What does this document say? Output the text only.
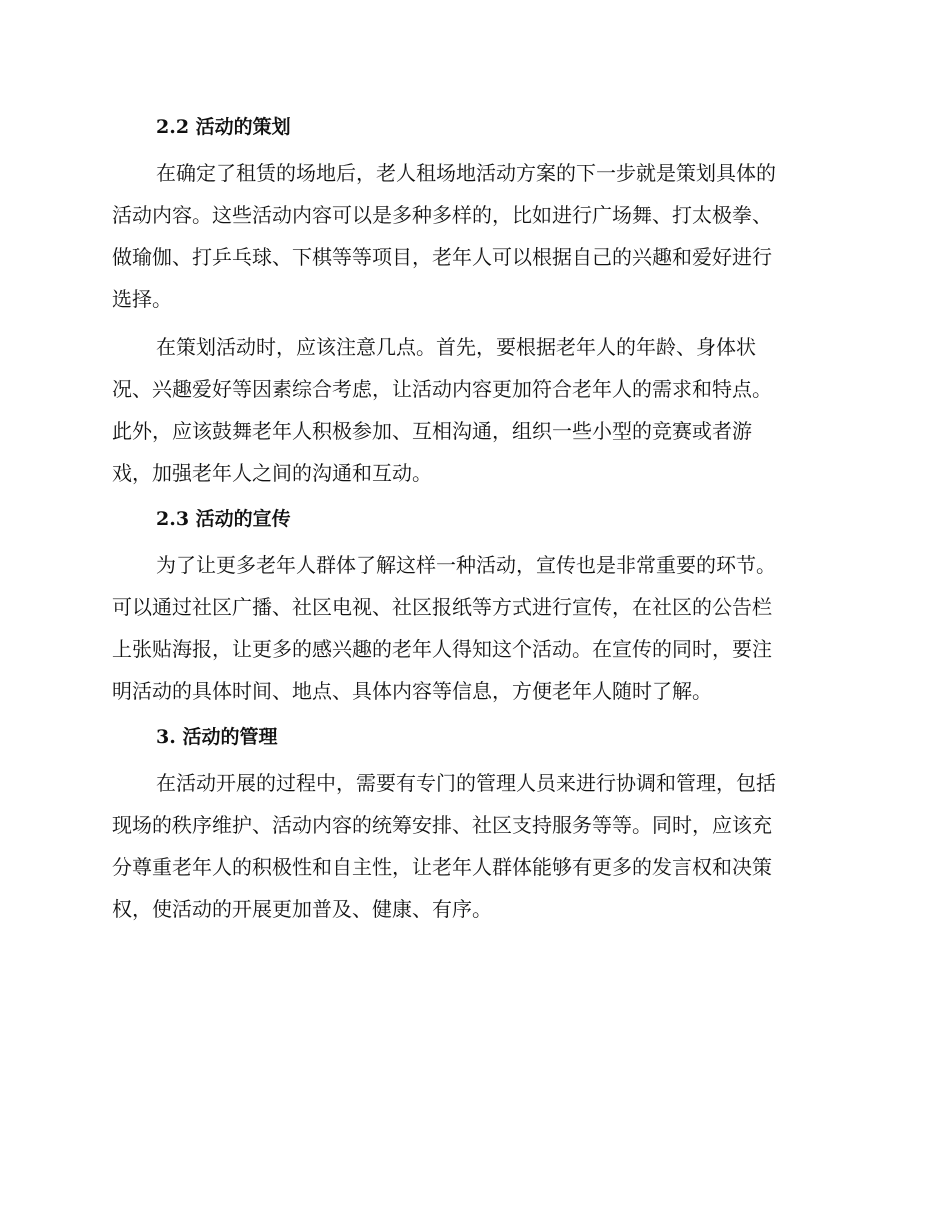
2.2 活动的策划
在确定了租赁的场地后，老人租场地活动方案的下一步就是策划具体的
活动内容。这些活动内容可以是多种多样的，比如进行广场舞、打太极拳、
做瑜伽、打乒乓球、下棋等等项目，老年人可以根据自己的兴趣和爱好进行
选择。
在策划活动时，应该注意几点。首先，要根据老年人的年龄、身体状
况、兴趣爱好等因素综合考虑，让活动内容更加符合老年人的需求和特点。
此外，应该鼓舞老年人积极参加、互相沟通，组织一些小型的竞赛或者游
戏，加强老年人之间的沟通和互动。
2.3 活动的宣传
为了让更多老年人群体了解这样一种活动，宣传也是非常重要的环节。
可以通过社区广播、社区电视、社区报纸等方式进行宣传，在社区的公告栏
上张贴海报，让更多的感兴趣的老年人得知这个活动。在宣传的同时，要注
明活动的具体时间、地点、具体内容等信息，方便老年人随时了解。
3. 活动的管理
在活动开展的过程中，需要有专门的管理人员来进行协调和管理，包括
现场的秩序维护、活动内容的统筹安排、社区支持服务等等。同时，应该充
分尊重老年人的积极性和自主性，让老年人群体能够有更多的发言权和决策
权，使活动的开展更加普及、健康、有序。
